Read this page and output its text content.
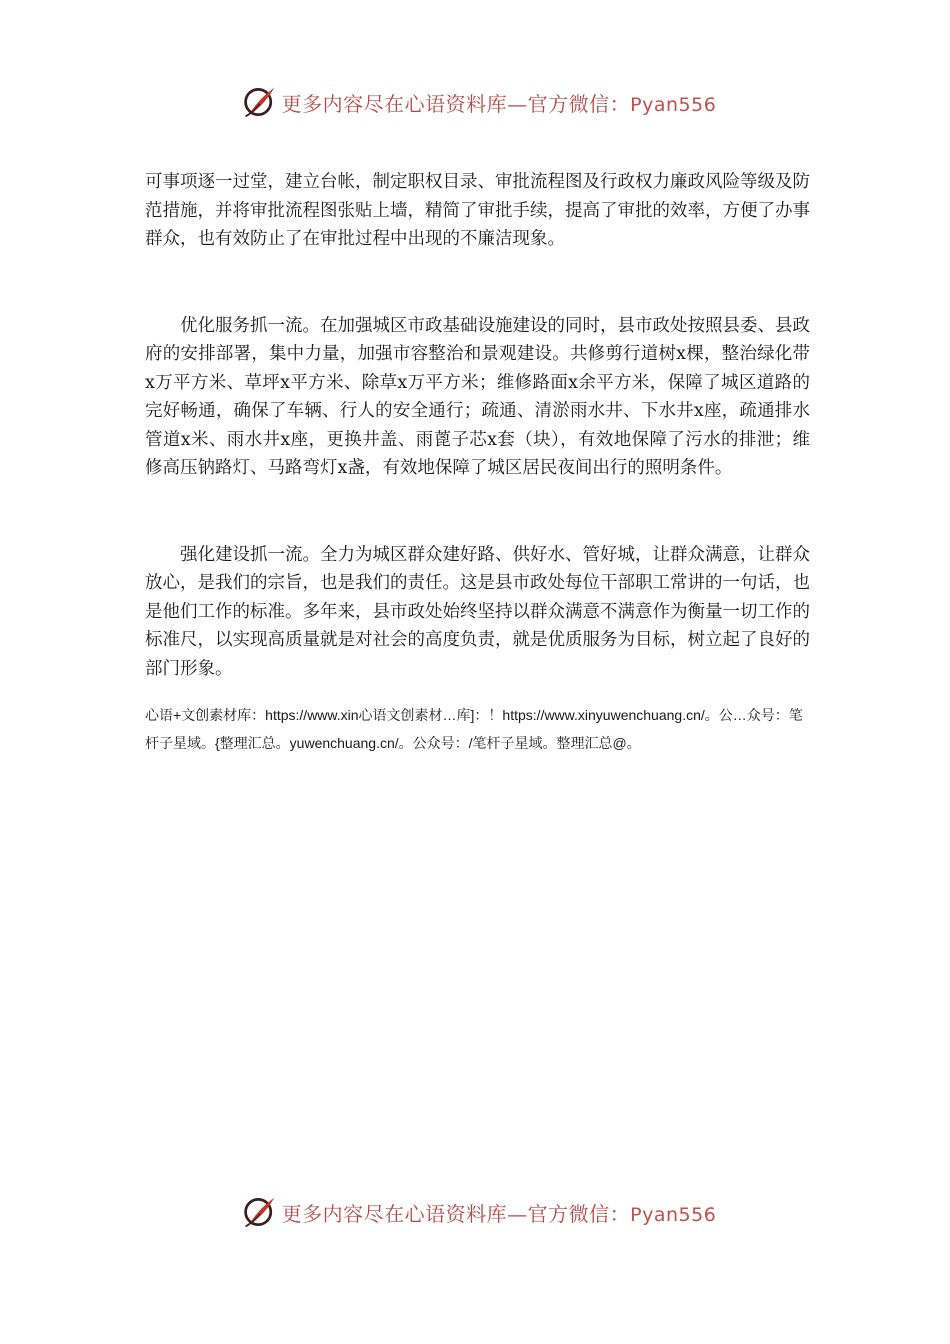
更多内容尽在心语资料库—官方微信：Pyan556

可事项逐一过堂，建立台帐，制定职权目录、审批流程图及行政权力廉政风险等级及防范措施，并将审批流程图张贴上墙，精简了审批手续，提高了审批的效率，方便了办事群众，也有效防止了在审批过程中出现的不廉洁现象。

优化服务抓一流。在加强城区市政基础设施建设的同时，县市政处按照县委、县政府的安排部署，集中力量，加强市容整治和景观建设。共修剪行道树x棵，整治绿化带x万平方米、草坪x平方米、除草x万平方米；维修路面x余平方米，保障了城区道路的完好畅通，确保了车辆、行人的安全通行；疏通、清淤雨水井、下水井x座，疏通排水管道x米、雨水井x座，更换井盖、雨蓖子芯x套（块），有效地保障了污水的排泄；维修高压钠路灯、马路弯灯x盏，有效地保障了城区居民夜间出行的照明条件。

强化建设抓一流。全力为城区群众建好路、供好水、管好城，让群众满意，让群众放心，是我们的宗旨，也是我们的责任。这是县市政处每位干部职工常讲的一句话，也是他们工作的标准。多年来，县市政处始终坚持以群众满意不满意作为衡量一切工作的标准尺，以实现高质量就是对社会的高度负责，就是优质服务为目标，树立起了良好的部门形象。

心语+文创素材库：https://www.xin心语文创素材…库]：！https://www.xinyuwenchuang.cn/。公…众号：笔杆子星域。{整理汇总。yuwenchuang.cn/。公众号：/笔杆子星域。整理汇总@。
更多内容尽在心语资料库—官方微信：Pyan556
